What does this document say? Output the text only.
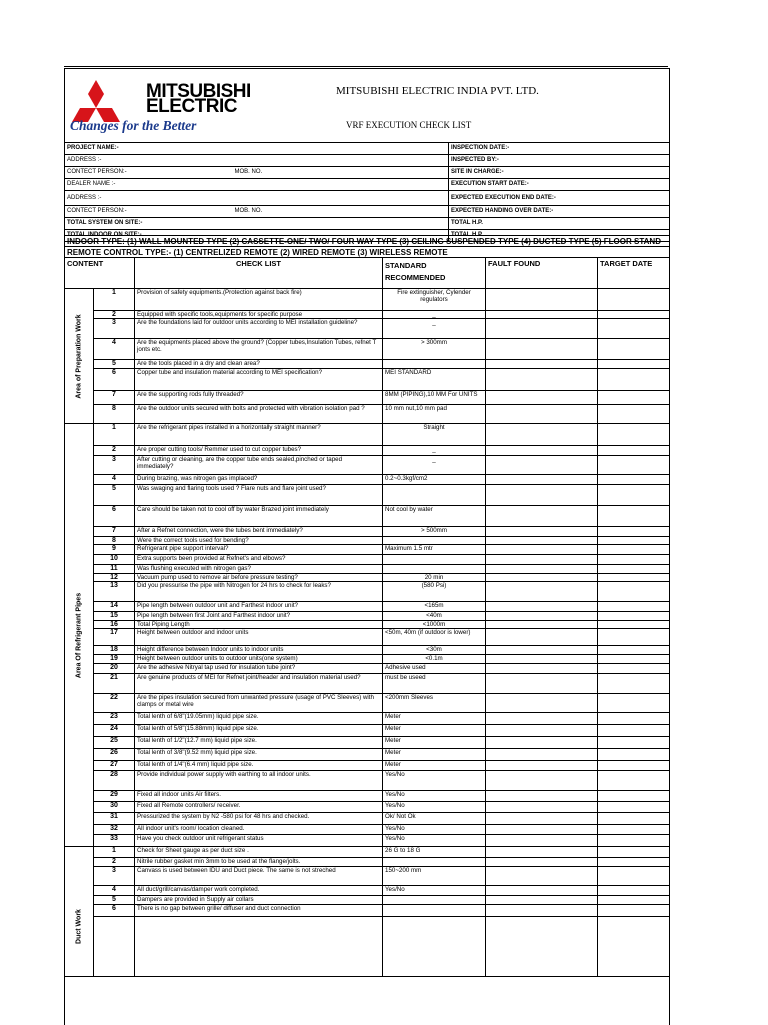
MITSUBISHI
ELECTRIC
Changes for the Better
MITSUBISHI ELECTRIC INDIA PVT. LTD.
VRF EXECUTION CHECK LIST
PROJECT NAME:-		INSPECTION DATE:-
ADDRESS :-		INSPECTED BY:-
CONTECT PERSON:-	MOB. NO.	SITE IN CHARGE:-
DEALER NAME :-		EXECUTION START DATE:-
ADDRESS :-		EXPECTED EXECUTION END DATE:-
CONTECT PERSON:-	MOB. NO.	EXPECTED HANDING OVER DATE:-
TOTAL SYSTEM ON SITE:-		TOTAL H.P.
TOTAL INDOOR ON SITE:-		TOTAL H.P.
INDOOR TYPE: (1) WALL MOUNTED TYPE (2) CASSETTE-ONE/ TWO/ FOUR WAY TYPE (3) CEILING SUSPENDED TYPE (4) DUCTED TYPE (5) FLOOR STAND					
REMOTE CONTROL TYPE:- (1) CENTRELIZED REMOTE (2) WIRED REMOTE (3) WIRELESS REMOTE					
CONTENT		CHECK LIST	STANDARD RECOMMENDED	FAULT FOUND	TARGET DATE

Area of Preparation Work	1	Provision of safety equipments.(Protection against back fire)	Fire extinguisher, Cylender regulators		
	2	Equipped with specific tools,equipments for specific purpose	_		
	3	Are the foundations laid for outdoor units according to MEI installation guideline?	_		
	4	Are the equipments placed above the ground? (Copper tubes,Insulation Tubes, refnet T jonts etc.	> 300mm		
	5	Are the tools placed in a dry and clean area?			
	6	Copper tube and insulation material according to MEI specification?	MEI STANDARD		
	7	Are the supporting rods fully threaded?	8MM (PIPING),10 MM For UNITS		
	8	Are the outdoor units secured with bolts and protected with vibration isolation pad ?	10 mm nut,10 mm pad		

Area Of Refrigerant Pipes	1	Are the refrigerant pipes installed in a horizontally straight manner?	Straight		
	2	Are proper cutting tools/ Remmer used to cut copper tubes?	_		
	3	After cutting or cleaning, are the copper tube ends sealed,pinched or taped immediately?	_		
	4	During brazing, was nitrogen gas implaced?	0.2~0.3kgf/cm2		
	5	Was swaging and flaring tools used ? Flare nuts and flare joint used?			
	6	Care should be taken not to cool off by water Brazed joint immediately	Not cool by water		
	7	After a Refnet connection, were the tubes bent immediately?	> 500mm		
	8	Were the correct tools used for bending?			
	9	Refrigerant pipe support interval?	Maximum 1.5 mtr		
	10	Extra supports been provided at Refnet's and elbows?			
	11	Was flushing executed with nitrogen gas?			
	12	Vacuum pump used to remove air before pressure testing?	20 min		
	13	Did you pressurise the pipe with Nitrogen for 24 hrs to check for leaks?	(580 Psi)		
	14	Pipe length between outdoor unit and Farthest indoor unit?	<165m		
	15	Pipe length between first Joint and Farthest indoor unit?	<40m		
	16	Total Piping Length	<1000m		
	17	Height between outdoor and indoor units	<50m, 40m (if outdoor is lower)		
	18	Height difference between Indoor units to indoor units	<30m		
	19	Height between outdoor units to outdoor units(one system)	<0.1m		
	20	Are the adhesive Nitryal tap used for insulation tube joint?	Adhesive used		
	21	Are genuine products of MEI for Refnet joint/header and insulation material used?	must be useed		
	22	Are the pipes insulation secured from unwanted pressure (usage of PVC Sleeves) with clamps or metal wire	<200mm Sleeves		
	23	Total lenth of 6/8"(19.05mm) liquid pipe size.	Meter		
	24	Total lenth of 5/8"(15.88mm) liquid pipe size.	Meter		
	25	Total lenth of 1/2"(12.7 mm) liquid pipe size.	Meter		
	26	Total lenth of 3/8"(9.52 mm) liquid pipe size.	Meter		
	27	Total lenth of 1/4"(6.4 mm) liquid pipe size.	Meter		
	28	Provide individual power supply with earthing to all indoor units.	Yes/No		
	29	Fixed all indoor units Air filters.	Yes/No		
	30	Fixed all Remote controllers/ receiver.	Yes/No		
	31	Pressurized the system by N2 -580 psi for 48 hrs and checked.	Ok/ Not Ok		
	32	All indoor unit's room/ location cleaned.	Yes/No		
	33	Have you check outdoor unit refrigerant status	Yes/No		

Duct Work	1	Check for Sheet gauge as per duct size .	26 G to 18 G		
	2	Nitrile rubber gasket min 3mm to be used at the flange/jolts.			
	3	Canvass is used between IDU and Duct piece. The same is not streched	150~200 mm		
	4	All duct/grill/canvas/damper work completed.	Yes/No		
	5	Dampers are provided in Supply air collars			
	6	There is no gap between grille/ diffuser and duct connection			
